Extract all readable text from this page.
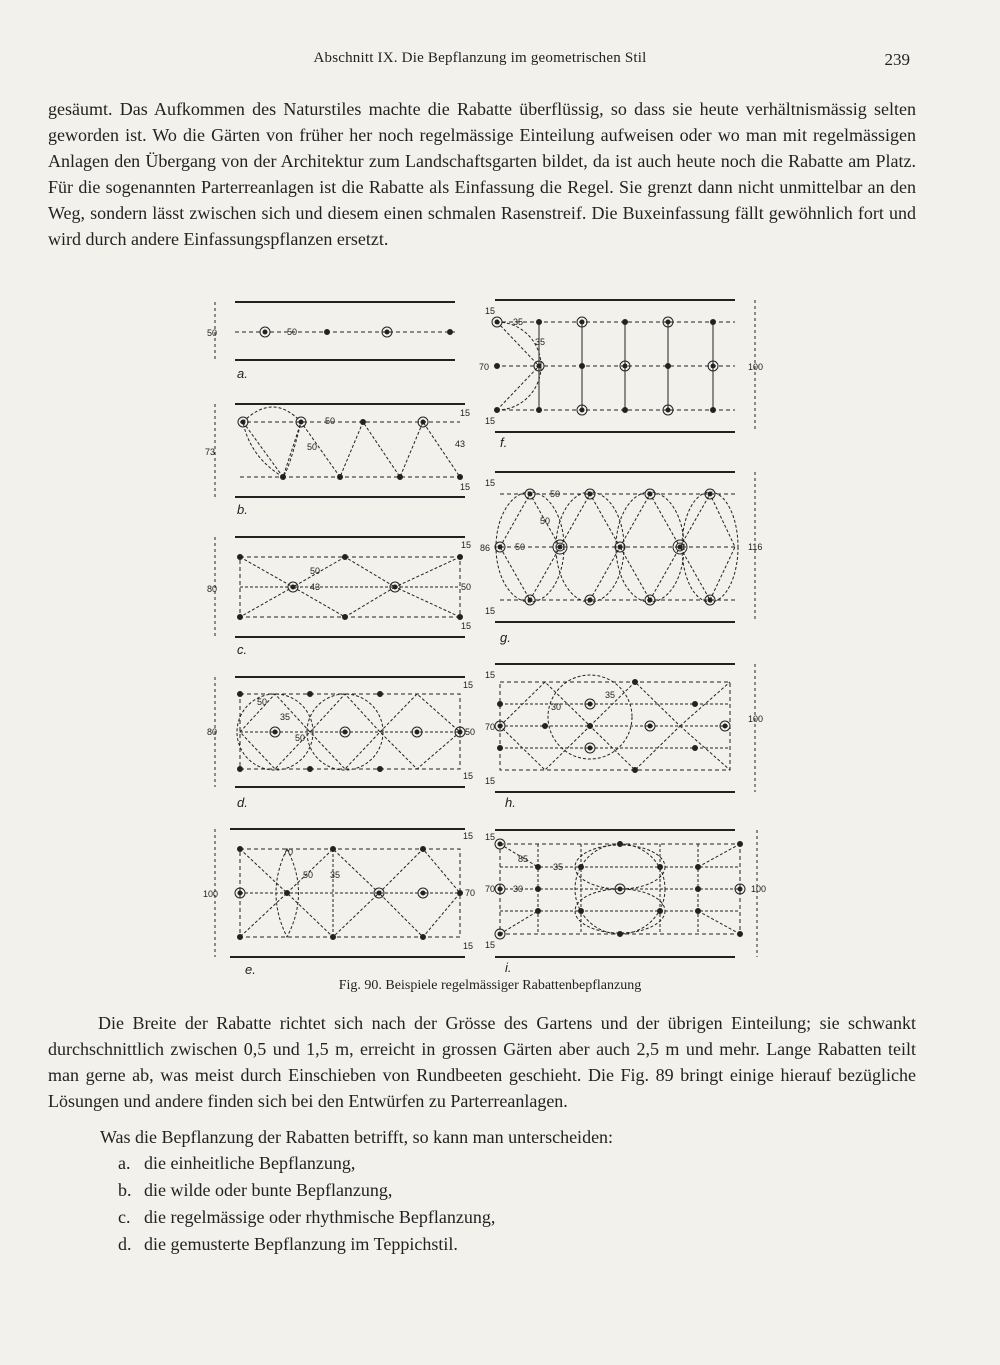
Abschnitt IX. Die Bepflanzung im geometrischen Stil	239

gesäumt. Das Aufkommen des Naturstiles machte die Rabatte überflüssig, so dass sie heute verhältnismässig selten geworden ist. Wo die Gärten von früher her noch regelmässige Einteilung aufweisen oder wo man mit regelmässigen Anlagen den Übergang von der Architektur zum Landschaftsgarten bildet, da ist auch heute noch die Rabatte am Platz. Für die sogenannten Parterreanlagen ist die Rabatte als Einfassung die Regel. Sie grenzt dann nicht unmittelbar an den Weg, sondern lässt zwischen sich und diesem einen schmalen Rasenstreif. Die Buxeinfassung fällt gewöhnlich fort und wird durch andere Einfassungspflanzen ersetzt.

50	50
a.
73
50
50	43
15
15
b.
80
50
43	50
15
15
c.
80
50
35
50
50
15
15
d.
100
70
50 35
70
15
15
e.
100
35
35
70
15
15
f.
116
50
50
86	50
15
15
g.
100
35
30
70
15
15
h.
100
85
35
30
70
15
15
i.
Fig. 90. Beispiele regelmässiger Rabattenbepflanzung

Die Breite der Rabatte richtet sich nach der Grösse des Gartens und der übrigen Einteilung; sie schwankt durchschnittlich zwischen 0,5 und 1,5 m, erreicht in grossen Gärten aber auch 2,5 m und mehr. Lange Rabatten teilt man gerne ab, was meist durch Einschieben von Rundbeeten geschieht. Die Fig. 89 bringt einige hierauf bezügliche Lösungen und andere finden sich bei den Entwürfen zu Parterreanlagen.

Was die Bepflanzung der Rabatten betrifft, so kann man unterscheiden:

a. die einheitliche Bepflanzung,
b. die wilde oder bunte Bepflanzung,
c. die regelmässige oder rhythmische Bepflanzung,
d. die gemusterte Bepflanzung im Teppichstil.
